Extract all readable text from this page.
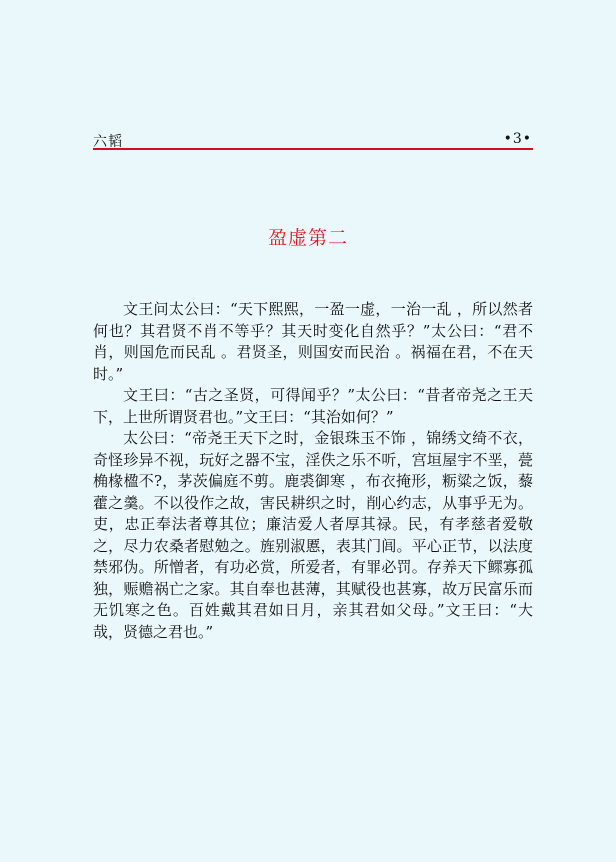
六韬	•3•
盈虚第二

文王问太公曰：“天下熙熙，一盈一虚，一治一乱 ，所以然者何也？其君贤不肖不等乎？其天时变化自然乎？”太公曰：“君不肖，则国危而民乱 。君贤圣，则国安而民治 。祸福在君，不在天时。”

文王曰：“古之圣贤，可得闻乎？”太公曰：“昔者帝尧之王天下，上世所谓贤君也。”文王曰：“其治如何？”

太公曰：“帝尧王天下之时，金银珠玉不饰 ，锦绣文绮不衣，奇怪珍异不视，玩好之器不宝，淫佚之乐不听，宫垣屋宇不垩，甍桷椽楹不?，茅茨偏庭不剪。鹿裘御寒 ，布衣掩形，粝粱之饭，藜藿之羹。不以役作之故，害民耕织之时，削心约志，从事乎无为。吏，忠正奉法者尊其位；廉洁爱人者厚其禄。民，有孝慈者爱敬之，尽力农桑者慰勉之。旌别淑慝，表其门闾。平心正节，以法度禁邪伪。所憎者，有功必赏，所爱者，有罪必罚。存养天下鳏寡孤独，赈赡祸亡之家。其自奉也甚薄，其赋役也甚寡，故万民富乐而无饥寒之色。百姓戴其君如日月，亲其君如父母。”文王曰：“大哉，贤德之君也。”
